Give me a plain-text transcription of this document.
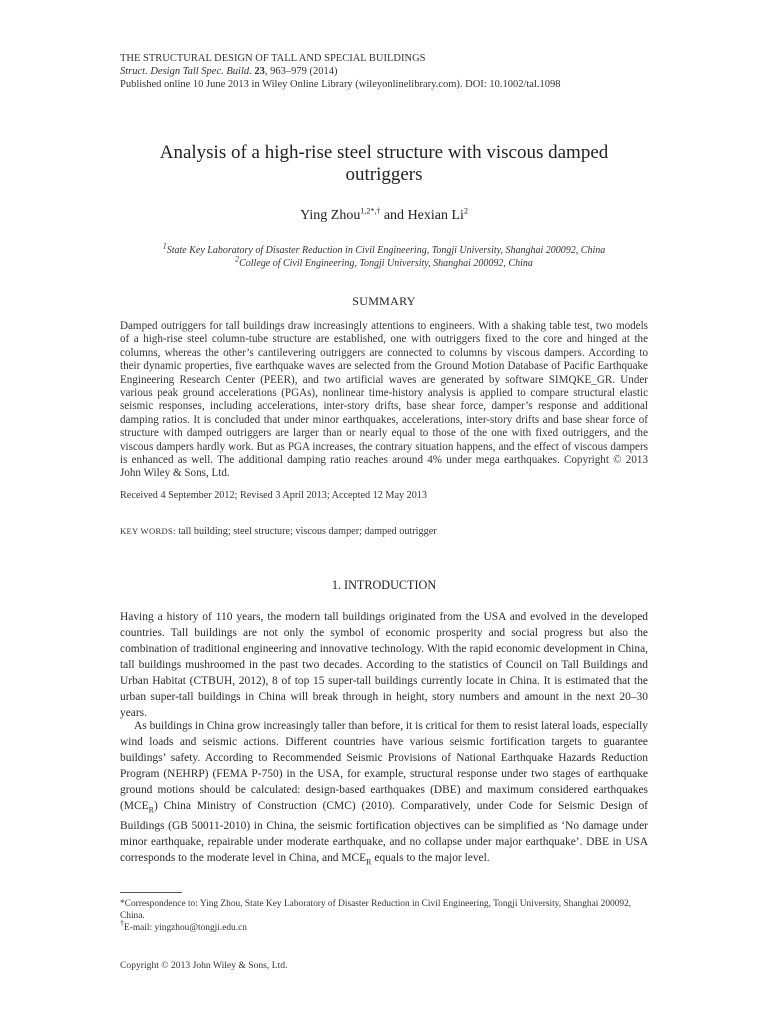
THE STRUCTURAL DESIGN OF TALL AND SPECIAL BUILDINGS
Struct. Design Tall Spec. Build. 23, 963–979 (2014)
Published online 10 June 2013 in Wiley Online Library (wileyonlinelibrary.com). DOI: 10.1002/tal.1098
Analysis of a high-rise steel structure with viscous damped
outriggers
Ying Zhou$^{1,2*,\dagger}$ and Hexian Li$^2$
$^1$State Key Laboratory of Disaster Reduction in Civil Engineering, Tongji University, Shanghai 200092, China
$^2$College of Civil Engineering, Tongji University, Shanghai 200092, China
SUMMARY
Damped outriggers for tall buildings draw increasingly attentions to engineers. With a shaking table test, two models of a high-rise steel column-tube structure are established, one with outriggers fixed to the core and hinged at the columns, whereas the other’s cantilevering outriggers are connected to columns by viscous dampers. According to their dynamic properties, five earthquake waves are selected from the Ground Motion Database of Pacific Earthquake Engineering Research Center (PEER), and two artificial waves are generated by software SIMQKE_GR. Under various peak ground accelerations (PGAs), nonlinear time-history analysis is applied to compare structural elastic seismic responses, including accelerations, inter-story drifts, base shear force, damper’s response and additional damping ratios. It is concluded that under minor earthquakes, accelerations, inter-story drifts and base shear force of structure with damped outriggers are larger than or nearly equal to those of the one with fixed outriggers, and the viscous dampers hardly work. But as PGA increases, the contrary situation happens, and the effect of viscous dampers is enhanced as well. The additional damping ratio reaches around 4% under mega earthquakes. Copyright © 2013 John Wiley & Sons, Ltd.
Received 4 September 2012; Revised 3 April 2013; Accepted 12 May 2013
KEY WORDS: tall building; steel structure; viscous damper; damped outrigger
1. INTRODUCTION
Having a history of 110 years, the modern tall buildings originated from the USA and evolved in the developed countries. Tall buildings are not only the symbol of economic prosperity and social progress but also the combination of traditional engineering and innovative technology. With the rapid economic development in China, tall buildings mushroomed in the past two decades. According to the statistics of Council on Tall Buildings and Urban Habitat (CTBUH, 2012), 8 of top 15 super-tall buildings currently locate in China. It is estimated that the urban super-tall buildings in China will break through in height, story numbers and amount in the next 20–30 years.
As buildings in China grow increasingly taller than before, it is critical for them to resist lateral loads, especially wind loads and seismic actions. Different countries have various seismic fortification targets to guarantee buildings’ safety. According to Recommended Seismic Provisions of National Earthquake Hazards Reduction Program (NEHRP) (FEMA P-750) in the USA, for example, structural response under two stages of earthquake ground motions should be calculated: design-based earthquakes (DBE) and maximum considered earthquakes $(MCE_R)$ China Ministry of Construction (CMC) (2010). Comparatively, under Code for Seismic Design of Buildings (GB 50011-2010) in China, the seismic fortification objectives can be simplified as ‘No damage under minor earthquake, repairable under moderate earthquake, and no collapse under major earthquake’. DBE in USA corresponds to the moderate level in China, and $MCE_R$ equals to the major level.
*Correspondence to: Ying Zhou, State Key Laboratory of Disaster Reduction in Civil Engineering, Tongji University, Shanghai 200092, China.
†E-mail: yingzhou@tongji.edu.cn
Copyright © 2013 John Wiley & Sons, Ltd.
